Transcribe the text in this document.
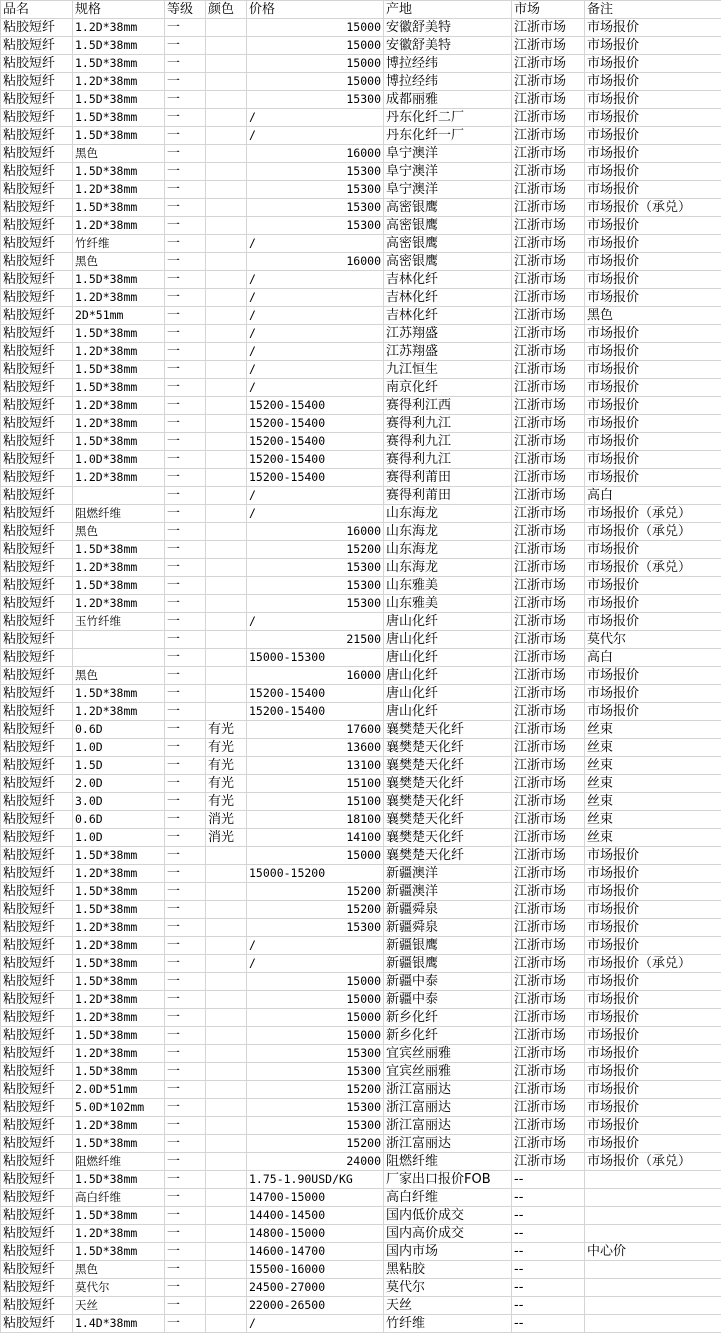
品名	规格	等级	颜色	价格	产地	市场	备注
粘胶短纤	1.2D*38mm	一		15000	安徽舒美特	江浙市场	市场报价
粘胶短纤	1.5D*38mm	一		15000	安徽舒美特	江浙市场	市场报价
粘胶短纤	1.5D*38mm	一		15000	博拉经纬	江浙市场	市场报价
粘胶短纤	1.2D*38mm	一		15000	博拉经纬	江浙市场	市场报价
粘胶短纤	1.5D*38mm	一		15300	成都丽雅	江浙市场	市场报价
粘胶短纤	1.5D*38mm	一		/	丹东化纤二厂	江浙市场	市场报价
粘胶短纤	1.5D*38mm	一		/	丹东化纤一厂	江浙市场	市场报价
粘胶短纤	黑色	一		16000	阜宁澳洋	江浙市场	市场报价
粘胶短纤	1.5D*38mm	一		15300	阜宁澳洋	江浙市场	市场报价
粘胶短纤	1.2D*38mm	一		15300	阜宁澳洋	江浙市场	市场报价
粘胶短纤	1.5D*38mm	一		15300	高密银鹰	江浙市场	市场报价（承兑）
粘胶短纤	1.2D*38mm	一		15300	高密银鹰	江浙市场	市场报价
粘胶短纤	竹纤维	一		/	高密银鹰	江浙市场	市场报价
粘胶短纤	黑色	一		16000	高密银鹰	江浙市场	市场报价
粘胶短纤	1.5D*38mm	一		/	吉林化纤	江浙市场	市场报价
粘胶短纤	1.2D*38mm	一		/	吉林化纤	江浙市场	市场报价
粘胶短纤	2D*51mm	一		/	吉林化纤	江浙市场	黑色
粘胶短纤	1.5D*38mm	一		/	江苏翔盛	江浙市场	市场报价
粘胶短纤	1.2D*38mm	一		/	江苏翔盛	江浙市场	市场报价
粘胶短纤	1.5D*38mm	一		/	九江恒生	江浙市场	市场报价
粘胶短纤	1.5D*38mm	一		/	南京化纤	江浙市场	市场报价
粘胶短纤	1.2D*38mm	一		15200-15400	赛得利江西	江浙市场	市场报价
粘胶短纤	1.2D*38mm	一		15200-15400	赛得利九江	江浙市场	市场报价
粘胶短纤	1.5D*38mm	一		15200-15400	赛得利九江	江浙市场	市场报价
粘胶短纤	1.0D*38mm	一		15200-15400	赛得利九江	江浙市场	市场报价
粘胶短纤	1.2D*38mm	一		15200-15400	赛得利莆田	江浙市场	市场报价
粘胶短纤		一		/	赛得利莆田	江浙市场	高白
粘胶短纤	阻燃纤维	一		/	山东海龙	江浙市场	市场报价（承兑）
粘胶短纤	黑色	一		16000	山东海龙	江浙市场	市场报价（承兑）
粘胶短纤	1.5D*38mm	一		15200	山东海龙	江浙市场	市场报价
粘胶短纤	1.2D*38mm	一		15300	山东海龙	江浙市场	市场报价（承兑）
粘胶短纤	1.5D*38mm	一		15300	山东雅美	江浙市场	市场报价
粘胶短纤	1.2D*38mm	一		15300	山东雅美	江浙市场	市场报价
粘胶短纤	玉竹纤维	一		/	唐山化纤	江浙市场	市场报价
粘胶短纤		一		21500	唐山化纤	江浙市场	莫代尔
粘胶短纤		一		15000-15300	唐山化纤	江浙市场	高白
粘胶短纤	黑色	一		16000	唐山化纤	江浙市场	市场报价
粘胶短纤	1.5D*38mm	一		15200-15400	唐山化纤	江浙市场	市场报价
粘胶短纤	1.2D*38mm	一		15200-15400	唐山化纤	江浙市场	市场报价
粘胶短纤	0.6D	一	有光	17600	襄樊楚天化纤	江浙市场	丝束
粘胶短纤	1.0D	一	有光	13600	襄樊楚天化纤	江浙市场	丝束
粘胶短纤	1.5D	一	有光	13100	襄樊楚天化纤	江浙市场	丝束
粘胶短纤	2.0D	一	有光	15100	襄樊楚天化纤	江浙市场	丝束
粘胶短纤	3.0D	一	有光	15100	襄樊楚天化纤	江浙市场	丝束
粘胶短纤	0.6D	一	消光	18100	襄樊楚天化纤	江浙市场	丝束
粘胶短纤	1.0D	一	消光	14100	襄樊楚天化纤	江浙市场	丝束
粘胶短纤	1.5D*38mm	一		15000	襄樊楚天化纤	江浙市场	市场报价
粘胶短纤	1.2D*38mm	一		15000-15200	新疆澳洋	江浙市场	市场报价
粘胶短纤	1.5D*38mm	一		15200	新疆澳洋	江浙市场	市场报价
粘胶短纤	1.5D*38mm	一		15200	新疆舜泉	江浙市场	市场报价
粘胶短纤	1.2D*38mm	一		15300	新疆舜泉	江浙市场	市场报价
粘胶短纤	1.2D*38mm	一		/	新疆银鹰	江浙市场	市场报价
粘胶短纤	1.5D*38mm	一		/	新疆银鹰	江浙市场	市场报价（承兑）
粘胶短纤	1.5D*38mm	一		15000	新疆中泰	江浙市场	市场报价
粘胶短纤	1.2D*38mm	一		15000	新疆中泰	江浙市场	市场报价
粘胶短纤	1.2D*38mm	一		15000	新乡化纤	江浙市场	市场报价
粘胶短纤	1.5D*38mm	一		15000	新乡化纤	江浙市场	市场报价
粘胶短纤	1.2D*38mm	一		15300	宜宾丝丽雅	江浙市场	市场报价
粘胶短纤	1.5D*38mm	一		15300	宜宾丝丽雅	江浙市场	市场报价
粘胶短纤	2.0D*51mm	一		15200	浙江富丽达	江浙市场	市场报价
粘胶短纤	5.0D*102mm	一		15300	浙江富丽达	江浙市场	市场报价
粘胶短纤	1.2D*38mm	一		15300	浙江富丽达	江浙市场	市场报价
粘胶短纤	1.5D*38mm	一		15200	浙江富丽达	江浙市场	市场报价
粘胶短纤	阻燃纤维	一		24000	阻燃纤维	江浙市场	市场报价（承兑）
粘胶短纤	1.5D*38mm	一		1.75-1.90USD/KG	厂家出口报价FOB	--	
粘胶短纤	高白纤维	一		14700-15000	高白纤维	--	
粘胶短纤	1.5D*38mm	一		14400-14500	国内低价成交	--	
粘胶短纤	1.2D*38mm	一		14800-15000	国内高价成交	--	
粘胶短纤	1.5D*38mm	一		14600-14700	国内市场	--	中心价
粘胶短纤	黑色	一		15500-16000	黑粘胶	--	
粘胶短纤	莫代尔	一		24500-27000	莫代尔	--	
粘胶短纤	天丝	一		22000-26500	天丝	--	
粘胶短纤	1.4D*38mm	一		/	竹纤维	--	
